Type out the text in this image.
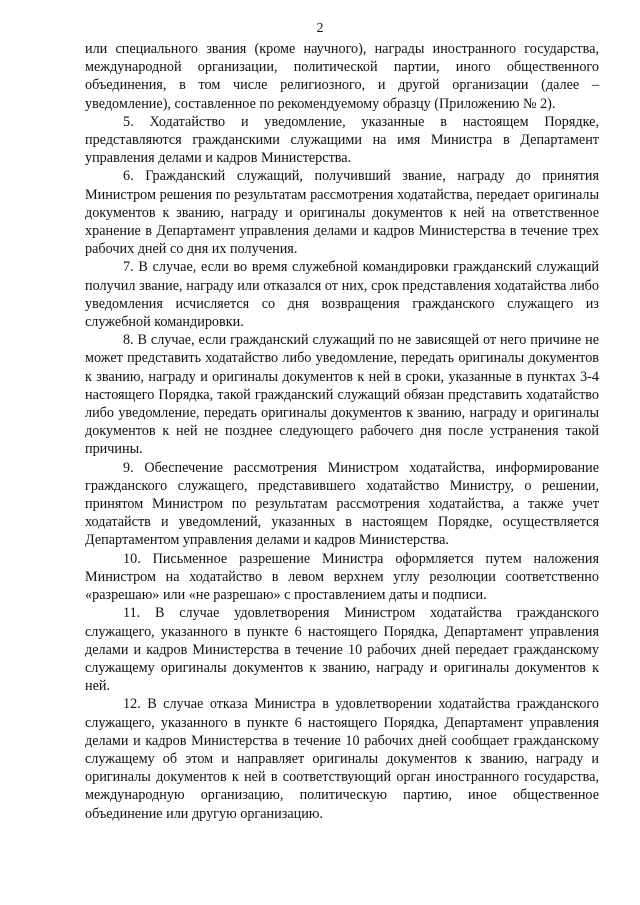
2

или специального звания (кроме научного), награды иностранного государства, международной организации, политической партии, иного общественного объединения, в том числе религиозного, и другой организации (далее – уведомление), составленное по рекомендуемому образцу (Приложению № 2).

5. Ходатайство и уведомление, указанные в настоящем Порядке, представляются гражданскими служащими на имя Министра в Департамент управления делами и кадров Министерства.

6. Гражданский служащий, получивший звание, награду до принятия Министром решения по результатам рассмотрения ходатайства, передает оригиналы документов к званию, награду и оригиналы документов к ней на ответственное хранение в Департамент управления делами и кадров Министерства в течение трех рабочих дней со дня их получения.

7. В случае, если во время служебной командировки гражданский служащий получил звание, награду или отказался от них, срок представления ходатайства либо уведомления исчисляется со дня возвращения гражданского служащего из служебной командировки.

8. В случае, если гражданский служащий по не зависящей от него причине не может представить ходатайство либо уведомление, передать оригиналы документов к званию, награду и оригиналы документов к ней в сроки, указанные в пунктах 3-4 настоящего Порядка, такой гражданский служащий обязан представить ходатайство либо уведомление, передать оригиналы документов к званию, награду и оригиналы документов к ней не позднее следующего рабочего дня после устранения такой причины.

9. Обеспечение рассмотрения Министром ходатайства, информирование гражданского служащего, представившего ходатайство Министру, о решении, принятом Министром по результатам рассмотрения ходатайства, а также учет ходатайств и уведомлений, указанных в настоящем Порядке, осуществляется Департаментом управления делами и кадров Министерства.

10. Письменное разрешение Министра оформляется путем наложения Министром на ходатайство в левом верхнем углу резолюции соответственно «разрешаю» или «не разрешаю» с проставлением даты и подписи.

11. В случае удовлетворения Министром ходатайства гражданского служащего, указанного в пункте 6 настоящего Порядка, Департамент управления делами и кадров Министерства в течение 10 рабочих дней передает гражданскому служащему оригиналы документов к званию, награду и оригиналы документов к ней.

12. В случае отказа Министра в удовлетворении ходатайства гражданского служащего, указанного в пункте 6 настоящего Порядка, Департамент управления делами и кадров Министерства в течение 10 рабочих дней сообщает гражданскому служащему об этом и направляет оригиналы документов к званию, награду и оригиналы документов к ней в соответствующий орган иностранного государства, международную организацию, политическую партию, иное общественное объединение или другую организацию.
